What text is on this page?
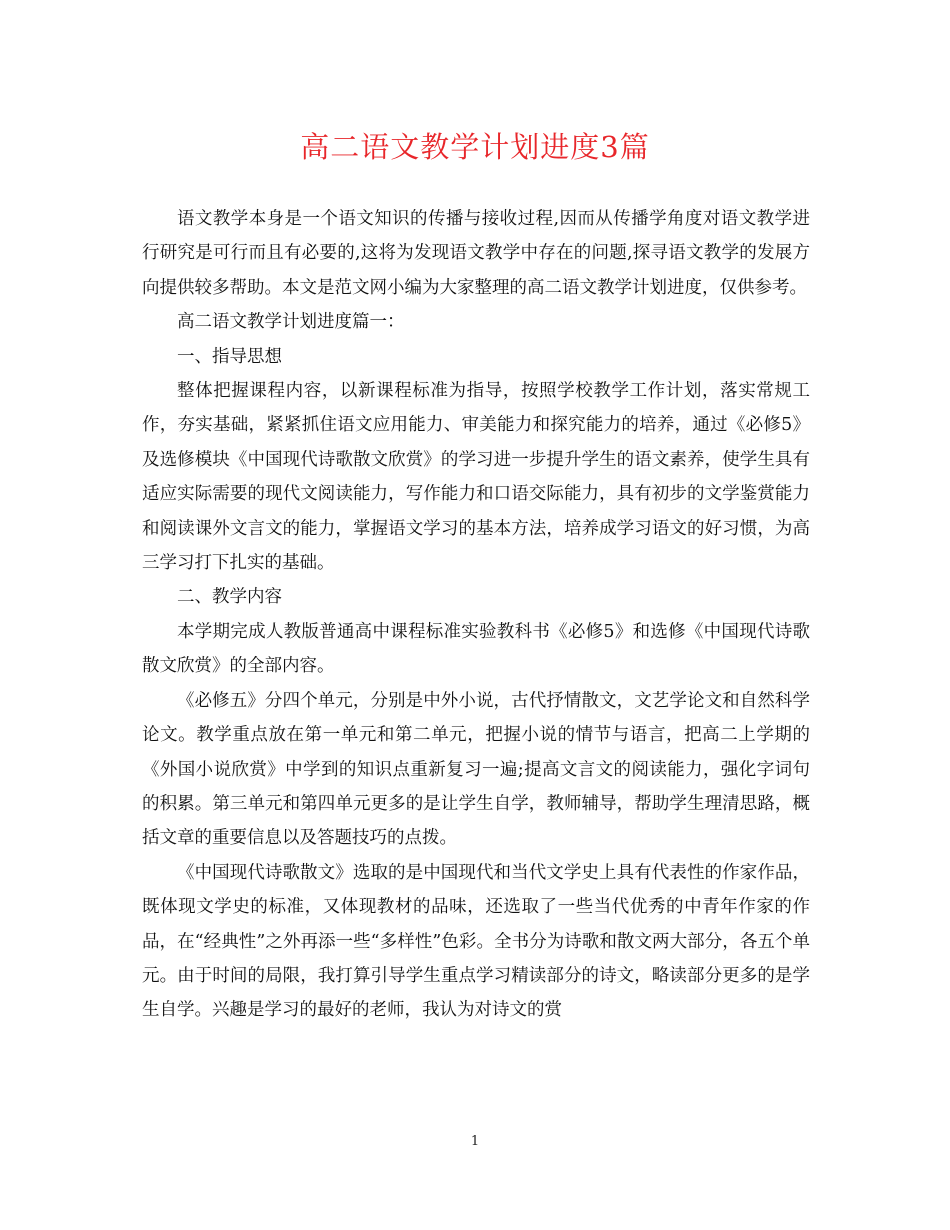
高二语文教学计划进度3篇

语文教学本身是一个语文知识的传播与接收过程,因而从传播学角度对语文教学进行研究是可行而且有必要的,这将为发现语文教学中存在的问题,探寻语文教学的发展方向提供较多帮助。本文是范文网小编为大家整理的高二语文教学计划进度，仅供参考。

高二语文教学计划进度篇一：

一、指导思想

整体把握课程内容，以新课程标准为指导，按照学校教学工作计划，落实常规工作，夯实基础，紧紧抓住语文应用能力、审美能力和探究能力的培养，通过《必修5》及选修模块《中国现代诗歌散文欣赏》的学习进一步提升学生的语文素养，使学生具有适应实际需要的现代文阅读能力，写作能力和口语交际能力，具有初步的文学鉴赏能力和阅读课外文言文的能力，掌握语文学习的基本方法，培养成学习语文的好习惯，为高三学习打下扎实的基础。

二、教学内容

本学期完成人教版普通高中课程标准实验教科书《必修5》和选修《中国现代诗歌散文欣赏》的全部内容。

《必修五》分四个单元，分别是中外小说，古代抒情散文，文艺学论文和自然科学论文。教学重点放在第一单元和第二单元，把握小说的情节与语言，把高二上学期的《外国小说欣赏》中学到的知识点重新复习一遍;提高文言文的阅读能力，强化字词句的积累。第三单元和第四单元更多的是让学生自学，教师辅导，帮助学生理清思路，概括文章的重要信息以及答题技巧的点拨。

《中国现代诗歌散文》选取的是中国现代和当代文学史上具有代表性的作家作品，既体现文学史的标准，又体现教材的品味，还选取了一些当代优秀的中青年作家的作品，在“经典性”之外再添一些“多样性”色彩。全书分为诗歌和散文两大部分，各五个单元。由于时间的局限，我打算引导学生重点学习精读部分的诗文，略读部分更多的是学生自学。兴趣是学习的最好的老师，我认为对诗文的赏

1
